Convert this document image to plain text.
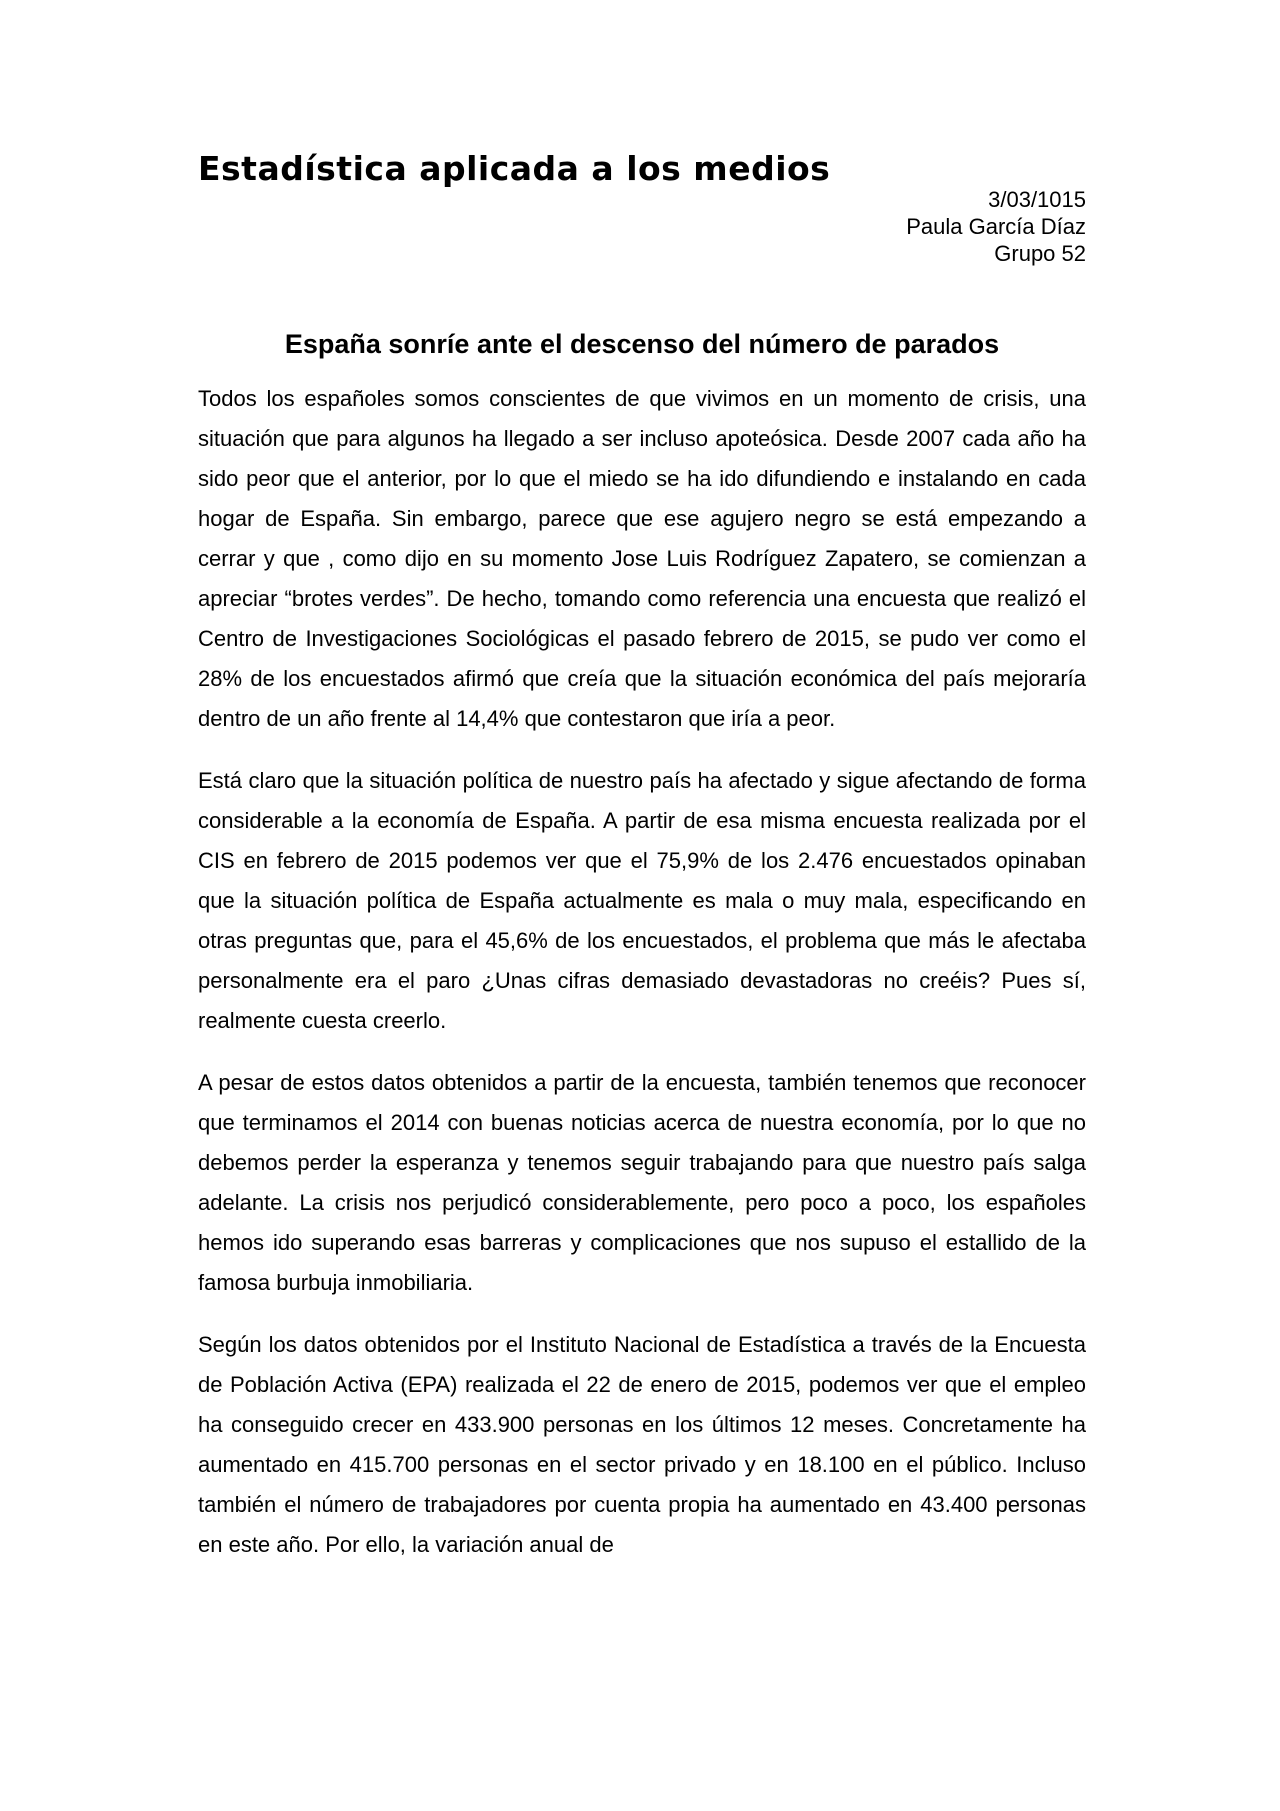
Estadística aplicada a los medios
3/03/1015
Paula García Díaz
Grupo 52
España sonríe ante el descenso del número de parados

Todos los españoles somos conscientes de que vivimos en un momento de crisis, una situación que para algunos ha llegado a ser incluso apoteósica. Desde 2007 cada año ha sido peor que el anterior, por lo que el miedo se ha ido difundiendo e instalando en cada hogar de España. Sin embargo, parece que ese agujero negro se está empezando a cerrar y que , como dijo en su momento Jose Luis Rodríguez Zapatero, se comienzan a apreciar “brotes verdes”. De hecho, tomando como referencia una encuesta que realizó el Centro de Investigaciones Sociológicas el pasado febrero de 2015, se pudo ver como el 28% de los encuestados afirmó que creía que la situación económica del país mejoraría dentro de un año frente al 14,4% que contestaron que iría a peor.

Está claro que la situación política de nuestro país ha afectado y sigue afectando de forma considerable a la economía de España. A partir de esa misma encuesta realizada por el CIS en febrero de 2015 podemos ver que el 75,9% de los 2.476 encuestados opinaban que la situación política de España actualmente es mala o muy mala, especificando en otras preguntas que, para el 45,6% de los encuestados, el problema que más le afectaba personalmente era el paro ¿Unas cifras demasiado devastadoras no creéis? Pues sí, realmente cuesta creerlo.

A pesar de estos datos obtenidos a partir de la encuesta, también tenemos que reconocer que terminamos el 2014 con buenas noticias acerca de nuestra economía, por lo que no debemos perder la esperanza y tenemos seguir trabajando para que nuestro país salga adelante. La crisis nos perjudicó considerablemente, pero poco a poco, los españoles hemos ido superando esas barreras y complicaciones que nos supuso el estallido de la famosa burbuja inmobiliaria.

Según los datos obtenidos por el Instituto Nacional de Estadística a través de la Encuesta de Población Activa (EPA) realizada el 22 de enero de 2015, podemos ver que el empleo ha conseguido crecer en 433.900 personas en los últimos 12 meses. Concretamente ha aumentado en 415.700 personas en el sector privado y en 18.100 en el público. Incluso también el número de trabajadores por cuenta propia ha aumentado en 43.400 personas en este año. Por ello, la variación anual de
